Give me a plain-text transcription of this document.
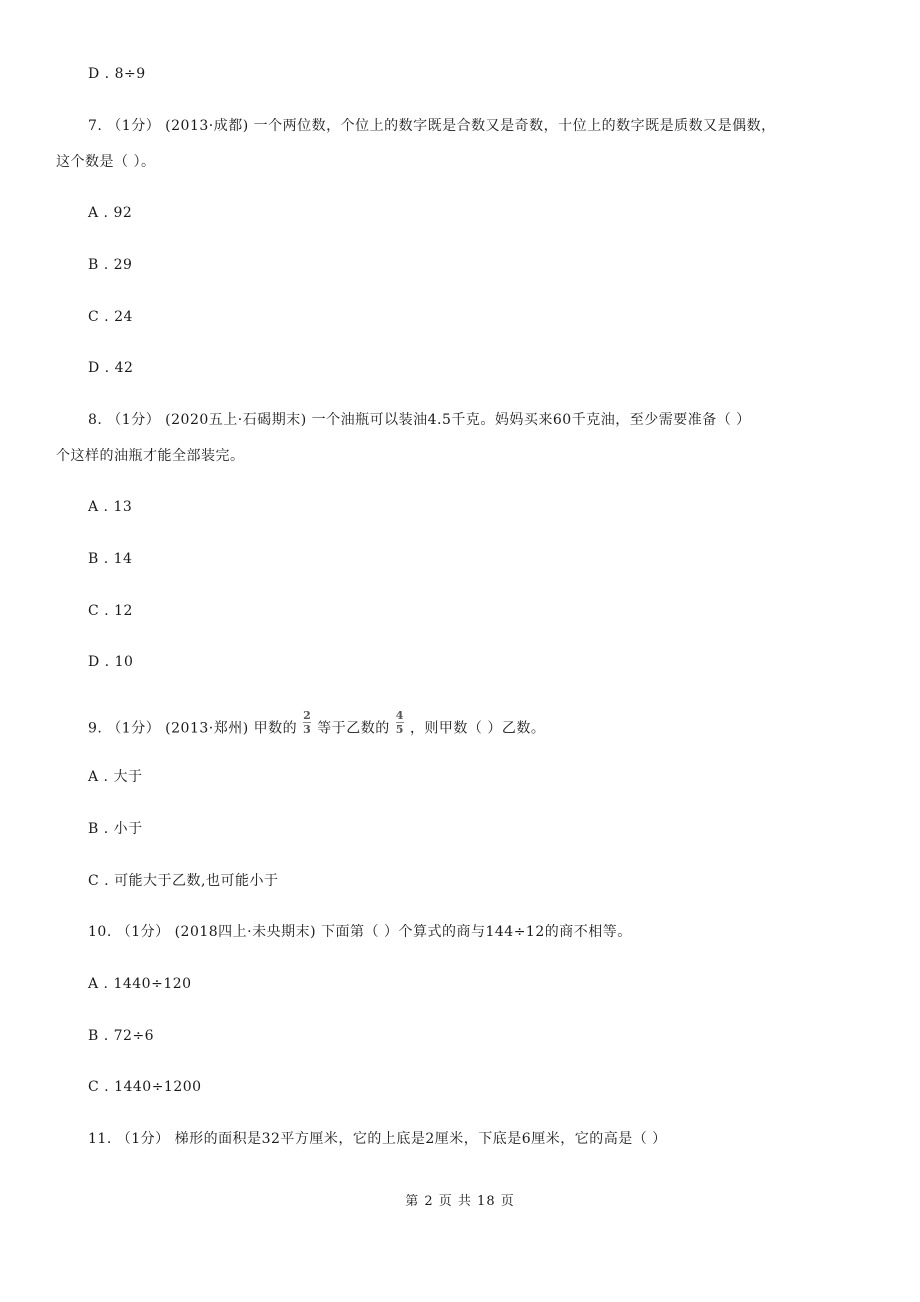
D . 8÷9
7. （1分） (2013·成都) 一个两位数，个位上的数字既是合数又是奇数，十位上的数字既是质数又是偶数，
这个数是（ ）。
A . 92
B . 29
C . 24
D . 42
8. （1分） (2020五上·石碣期末) 一个油瓶可以装油4.5千克。妈妈买来60千克油，至少需要准备（ ）
个这样的油瓶才能全部装完。
A . 13
B . 14
C . 12
D . 10
9. （1分） (2013·郑州) 甲数的 $\frac{2}{3}$ 等于乙数的 $\frac{4}{5}$ ，则甲数（ ）乙数。
A . 大于
B . 小于
C . 可能大于乙数,也可能小于
10. （1分） (2018四上·未央期末) 下面第（ ）个算式的商与144÷12的商不相等。
A . 1440÷120
B . 72÷6
C . 1440÷1200
11. （1分） 梯形的面积是32平方厘米，它的上底是2厘米，下底是6厘米，它的高是（ ）
第 2 页 共 18 页
